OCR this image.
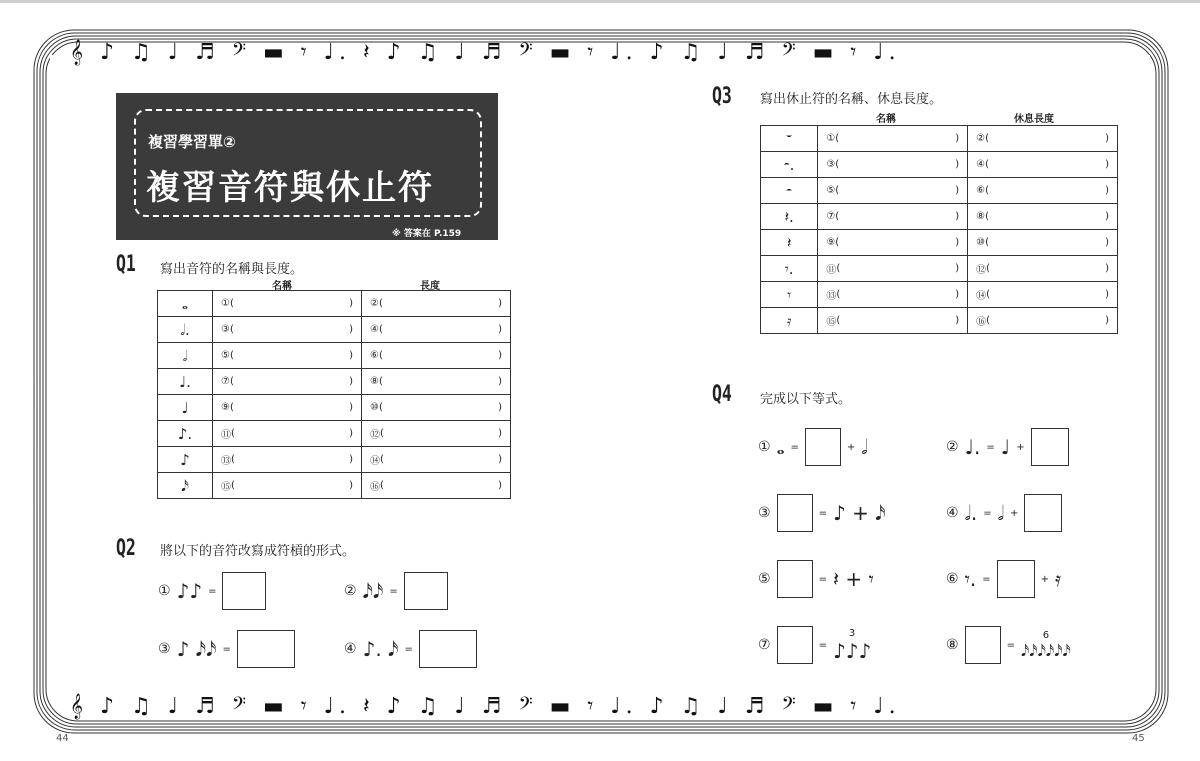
𝄞 ♪ ♫ ♩ ♬ 𝄢 ▬ 𝄾 ♩. 𝄽 ♪ ♫ ♩ ♬ 𝄢 ▬ 𝄾 ♩. ♪ ♫ ♩ ♬ 𝄢 ▬ 𝄾 ♩.
𝄞 ♪ ♫ ♩ ♬ 𝄢 ▬ 𝄾 ♩. 𝄽 ♪ ♫ ♩ ♬ 𝄢 ▬ 𝄾 ♩. ♪ ♫ ♩ ♬ 𝄢 ▬ 𝄾 ♩.
44	45
複習學習單②
複習音符與休止符
※ 答案在 P.159
Q1 寫出音符的名稱與長度。
名稱	長度
𝅝	① ( )	② ( )

𝅗𝅥.	③ ( )	④ ( )

𝅗𝅥	⑤ ( )	⑥ ( )

♩.	⑦ ( )	⑧ ( )

♩	⑨ ( )	⑩ ( )

♪.	⑪ ( )	⑫ ( )

♪	⑬ ( )	⑭ ( )

𝅘𝅥𝅯	⑮ ( )	⑯ ( )
Q2 將以下的音符改寫成符槓的形式。
① ♪♪ =	② 𝅘𝅥𝅯𝅘𝅥𝅯 =
③ ♪ 𝅘𝅥𝅯𝅘𝅥𝅯 =	④ ♪. 𝅘𝅥𝅯 =
Q3 寫出休止符的名稱、休息長度。
名稱	休息長度
𝄻	① ( )	② ( )

𝄼.	③ ( )	④ ( )

𝄼	⑤ ( )	⑥ ( )

𝄽.	⑦ ( )	⑧ ( )

𝄽	⑨ ( )	⑩ ( )

𝄾.	⑪ ( )	⑫ ( )

𝄾	⑬ ( )	⑭ ( )

𝄿	⑮ ( )	⑯ ( )
Q4 完成以下等式。
① 𝅝 =	+ 𝅗𝅥	② ♩. = ♩ +
③	= ♪ + 𝅘𝅥𝅯	④ 𝅗𝅥. = 𝅗𝅥 +
⑤	= 𝄽 + 𝄾	⑥ 𝄾. =	+ 𝄿
⑦	=
3
♪♪♪	⑧	=
6
𝅘𝅥𝅯𝅘𝅥𝅯𝅘𝅥𝅯𝅘𝅥𝅯𝅘𝅥𝅯𝅘𝅥𝅯
